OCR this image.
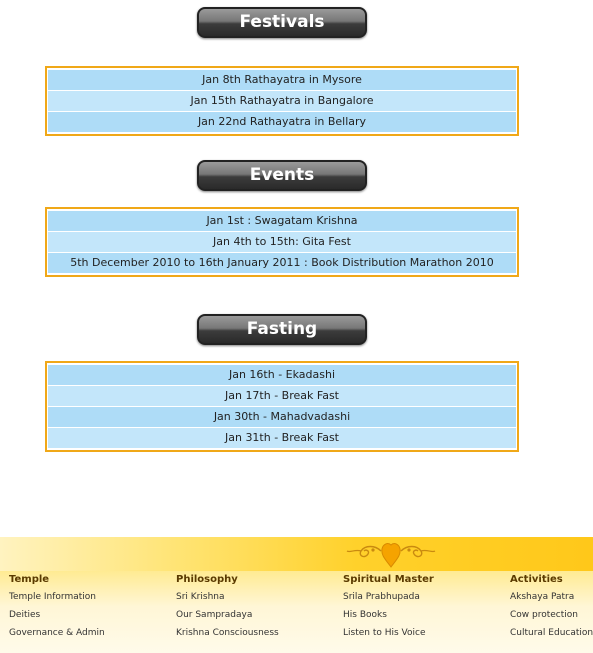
Festivals
Jan 8th Rathayatra in Mysore
Jan 15th Rathayatra in Bangalore
Jan 22nd Rathayatra in Bellary
Events
Jan 1st : Swagatam Krishna
Jan 4th to 15th: Gita Fest
5th December 2010 to 16th January 2011 : Book Distribution Marathon 2010
Fasting
Jan 16th - Ekadashi
Jan 17th - Break Fast
Jan 30th - Mahadvadashi
Jan 31th - Break Fast
Temple
Temple Information
Deities
Governance & Admin
Philosophy
Sri Krishna
Our Sampradaya
Krishna Consciousness
Spiritual Master
Srila Prabhupada
His Books
Listen to His Voice
Activities
Akshaya Patra
Cow protection
Cultural Education
